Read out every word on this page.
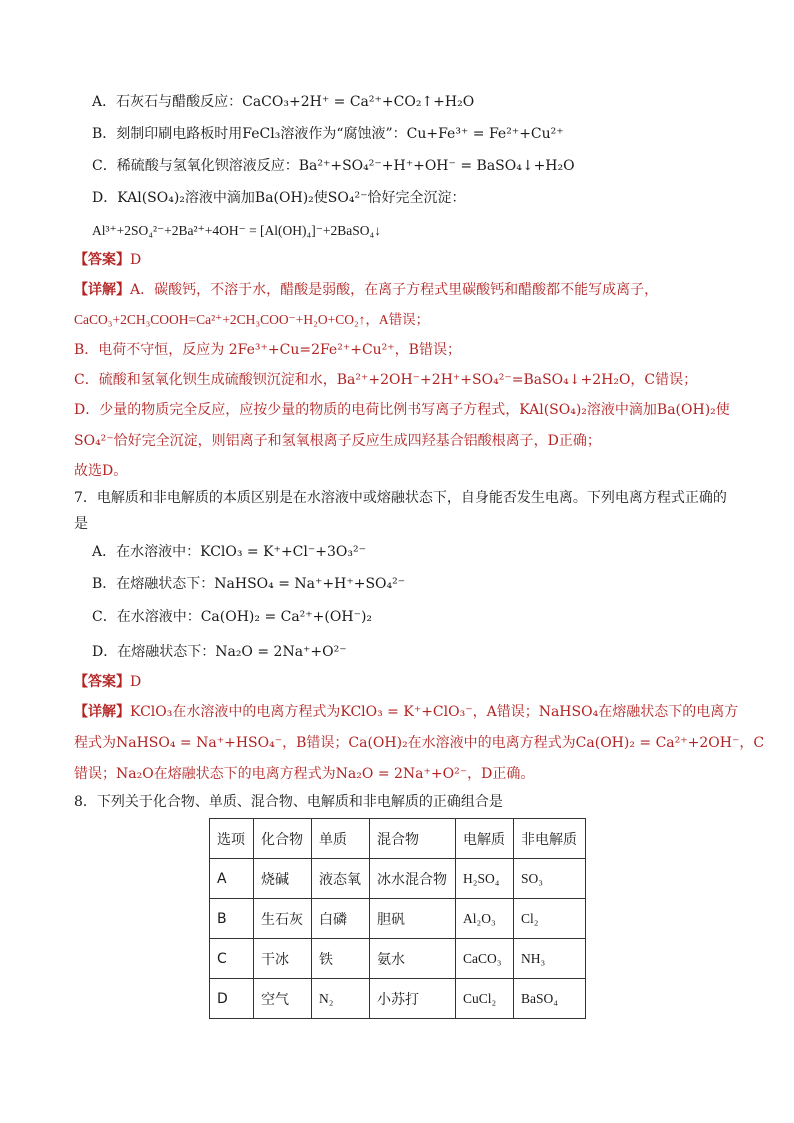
A．石灰石与醋酸反应：CaCO₃+2H⁺ = Ca²⁺+CO₂↑+H₂O
B．刻制印刷电路板时用FeCl₃溶液作为“腐蚀液”：Cu+Fe³⁺ = Fe²⁺+Cu²⁺
C．稀硫酸与氢氧化钡溶液反应：Ba²⁺+SO₄²⁻+H⁺+OH⁻ = BaSO₄↓+H₂O
D．KAl(SO₄)₂溶液中滴加Ba(OH)₂使SO₄²⁻恰好完全沉淀：
Al³⁺+2SO₄²⁻+2Ba²⁺+4OH⁻ = [Al(OH)₄]⁻+2BaSO₄↓
【答案】D
【详解】A．碳酸钙，不溶于水，醋酸是弱酸，在离子方程式里碳酸钙和醋酸都不能写成离子，
CaCO₃+2CH₃COOH=Ca²⁺+2CH₃COO⁻+H₂O+CO₂↑，A错误；
B．电荷不守恒，反应为 2Fe³⁺+Cu=2Fe²⁺+Cu²⁺，B错误；
C．硫酸和氢氧化钡生成硫酸钡沉淀和水，Ba²⁺+2OH⁻+2H⁺+SO₄²⁻=BaSO₄↓+2H₂O，C错误；
D．少量的物质完全反应，应按少量的物质的电荷比例书写离子方程式，KAl(SO₄)₂溶液中滴加Ba(OH)₂使
SO₄²⁻恰好完全沉淀，则铝离子和氢氧根离子反应生成四羟基合铝酸根离子，D正确；
故选D。
7．电解质和非电解质的本质区别是在水溶液中或熔融状态下，自身能否发生电离。下列电离方程式正确的
是
A．在水溶液中：KClO₃ = K⁺+Cl⁻+3O₃²⁻
B．在熔融状态下：NaHSO₄ = Na⁺+H⁺+SO₄²⁻
C．在水溶液中：Ca(OH)₂ = Ca²⁺+(OH⁻)₂
D．在熔融状态下：Na₂O = 2Na⁺+O²⁻
【答案】D
【详解】KClO₃在水溶液中的电离方程式为KClO₃ = K⁺+ClO₃⁻，A错误；NaHSO₄在熔融状态下的电离方
程式为NaHSO₄ = Na⁺+HSO₄⁻，B错误；Ca(OH)₂在水溶液中的电离方程式为Ca(OH)₂ = Ca²⁺+2OH⁻，C
错误；Na₂O在熔融状态下的电离方程式为Na₂O = 2Na⁺+O²⁻，D正确。
8．下列关于化合物、单质、混合物、电解质和非电解质的正确组合是
选项	化合物	单质	混合物	电解质	非电解质
A	烧碱	液态氧	冰水混合物	H₂SO₄	SO₃
B	生石灰	白磷	胆矾	Al₂O₃	Cl₂
C	干冰	铁	氨水	CaCO₃	NH₃
D	空气	N₂	小苏打	CuCl₂	BaSO₄
